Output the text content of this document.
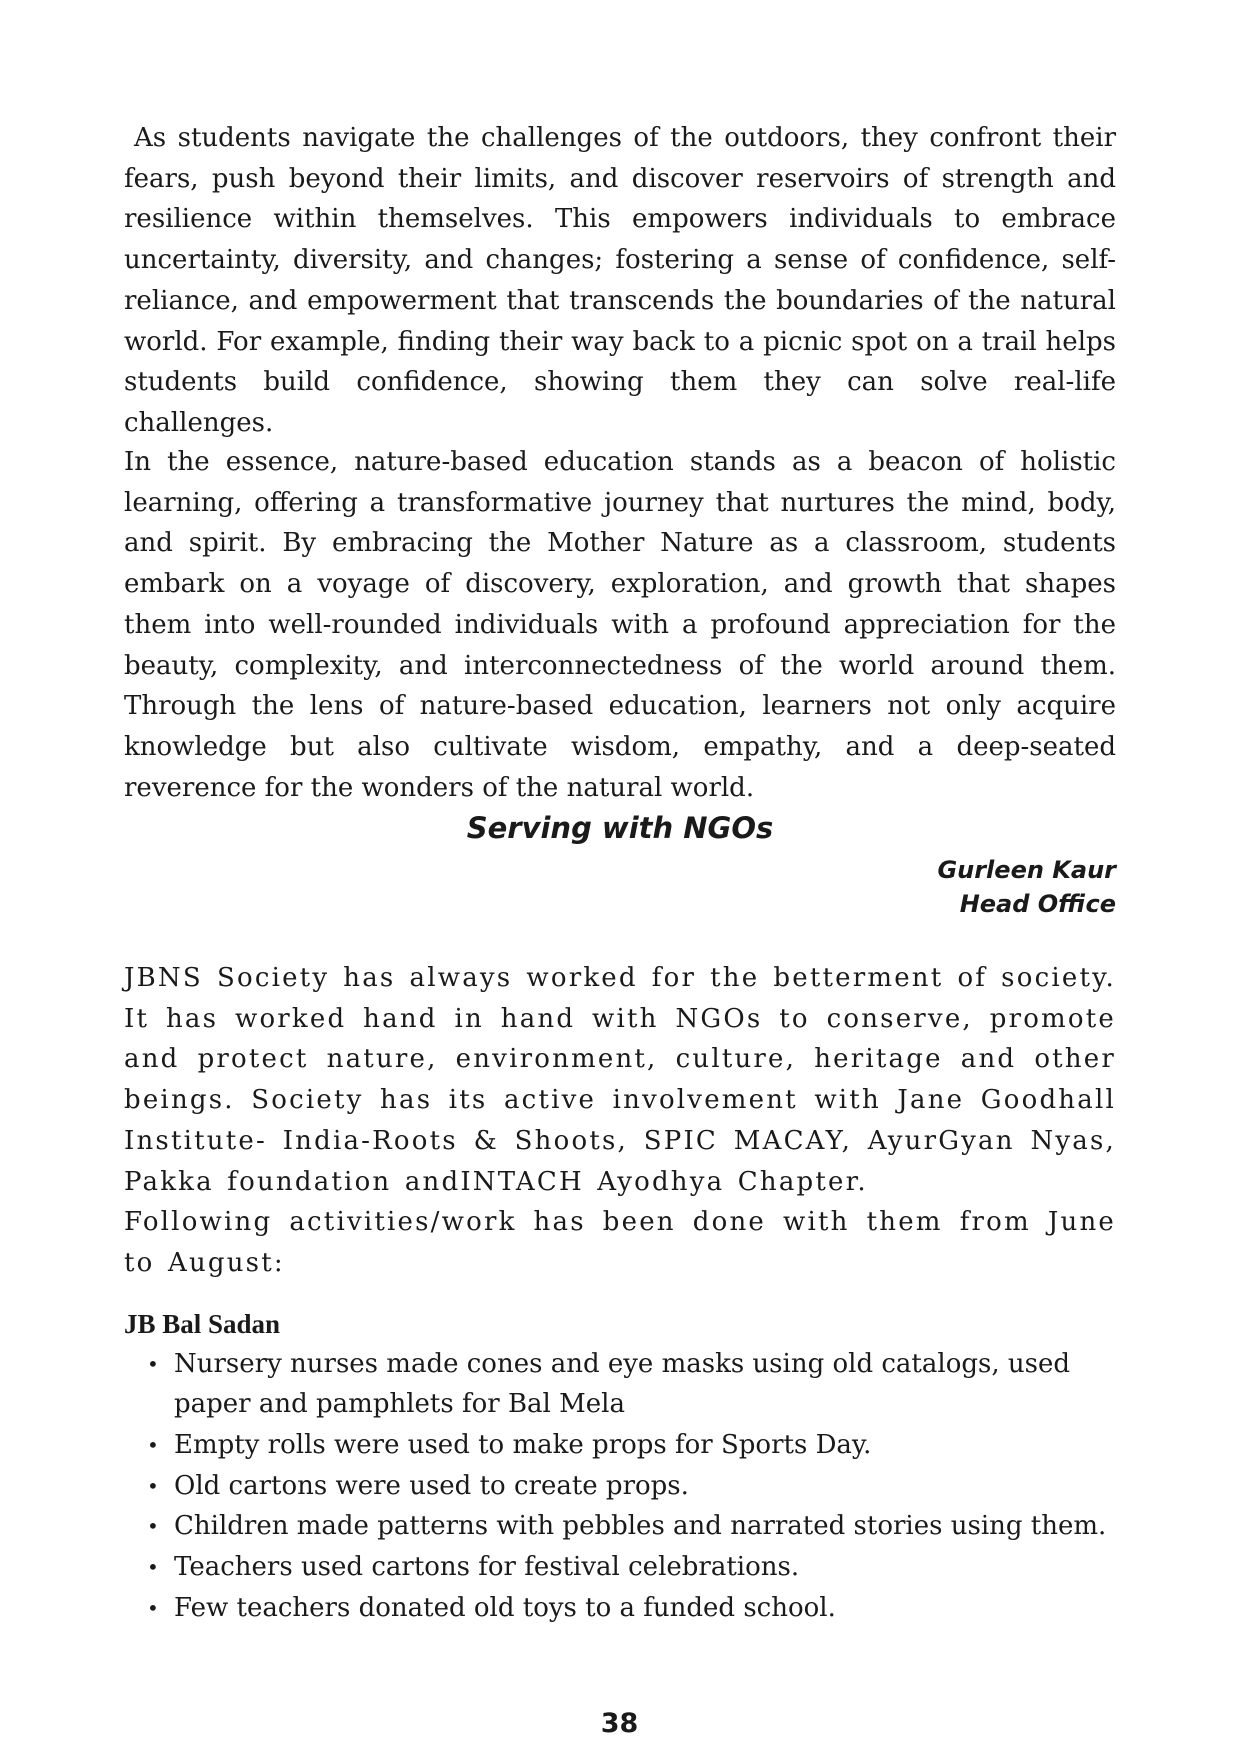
As students navigate the challenges of the outdoors, they confront their fears, push beyond their limits, and discover reservoirs of strength and resilience within themselves. This empowers individuals to embrace uncertainty, diversity, and changes; fostering a sense of confidence, self-reliance, and empowerment that transcends the boundaries of the natural world. For example, finding their way back to a picnic spot on a trail helps students build confidence, showing them they can solve real-life challenges.

In the essence, nature-based education stands as a beacon of holistic learning, offering a transformative journey that nurtures the mind, body, and spirit. By embracing the Mother Nature as a classroom, students embark on a voyage of discovery, exploration, and growth that shapes them into well-rounded individuals with a profound appreciation for the beauty, complexity, and interconnectedness of the world around them. Through the lens of nature-based education, learners not only acquire knowledge but also cultivate wisdom, empathy, and a deep-seated reverence for the wonders of the natural world.

Serving with NGOs
Gurleen Kaur
Head Office

JBNS Society has always worked for the betterment of society. It has worked hand in hand with NGOs to conserve, promote and protect nature, environment, culture, heritage and other beings. Society has its active involvement with Jane Goodhall Institute- India-Roots & Shoots, SPIC MACAY, AyurGyan Nyas, Pakka foundation andINTACH Ayodhya Chapter.

Following activities/work has been done with them from June to August:

JB Bal Sadan
• Nursery nurses made cones and eye masks using old catalogs, used paper and pamphlets for Bal Mela
• Empty rolls were used to make props for Sports Day.
• Old cartons were used to create props.
• Children made patterns with pebbles and narrated stories using them.
• Teachers used cartons for festival celebrations.
• Few teachers donated old toys to a funded school.
38
